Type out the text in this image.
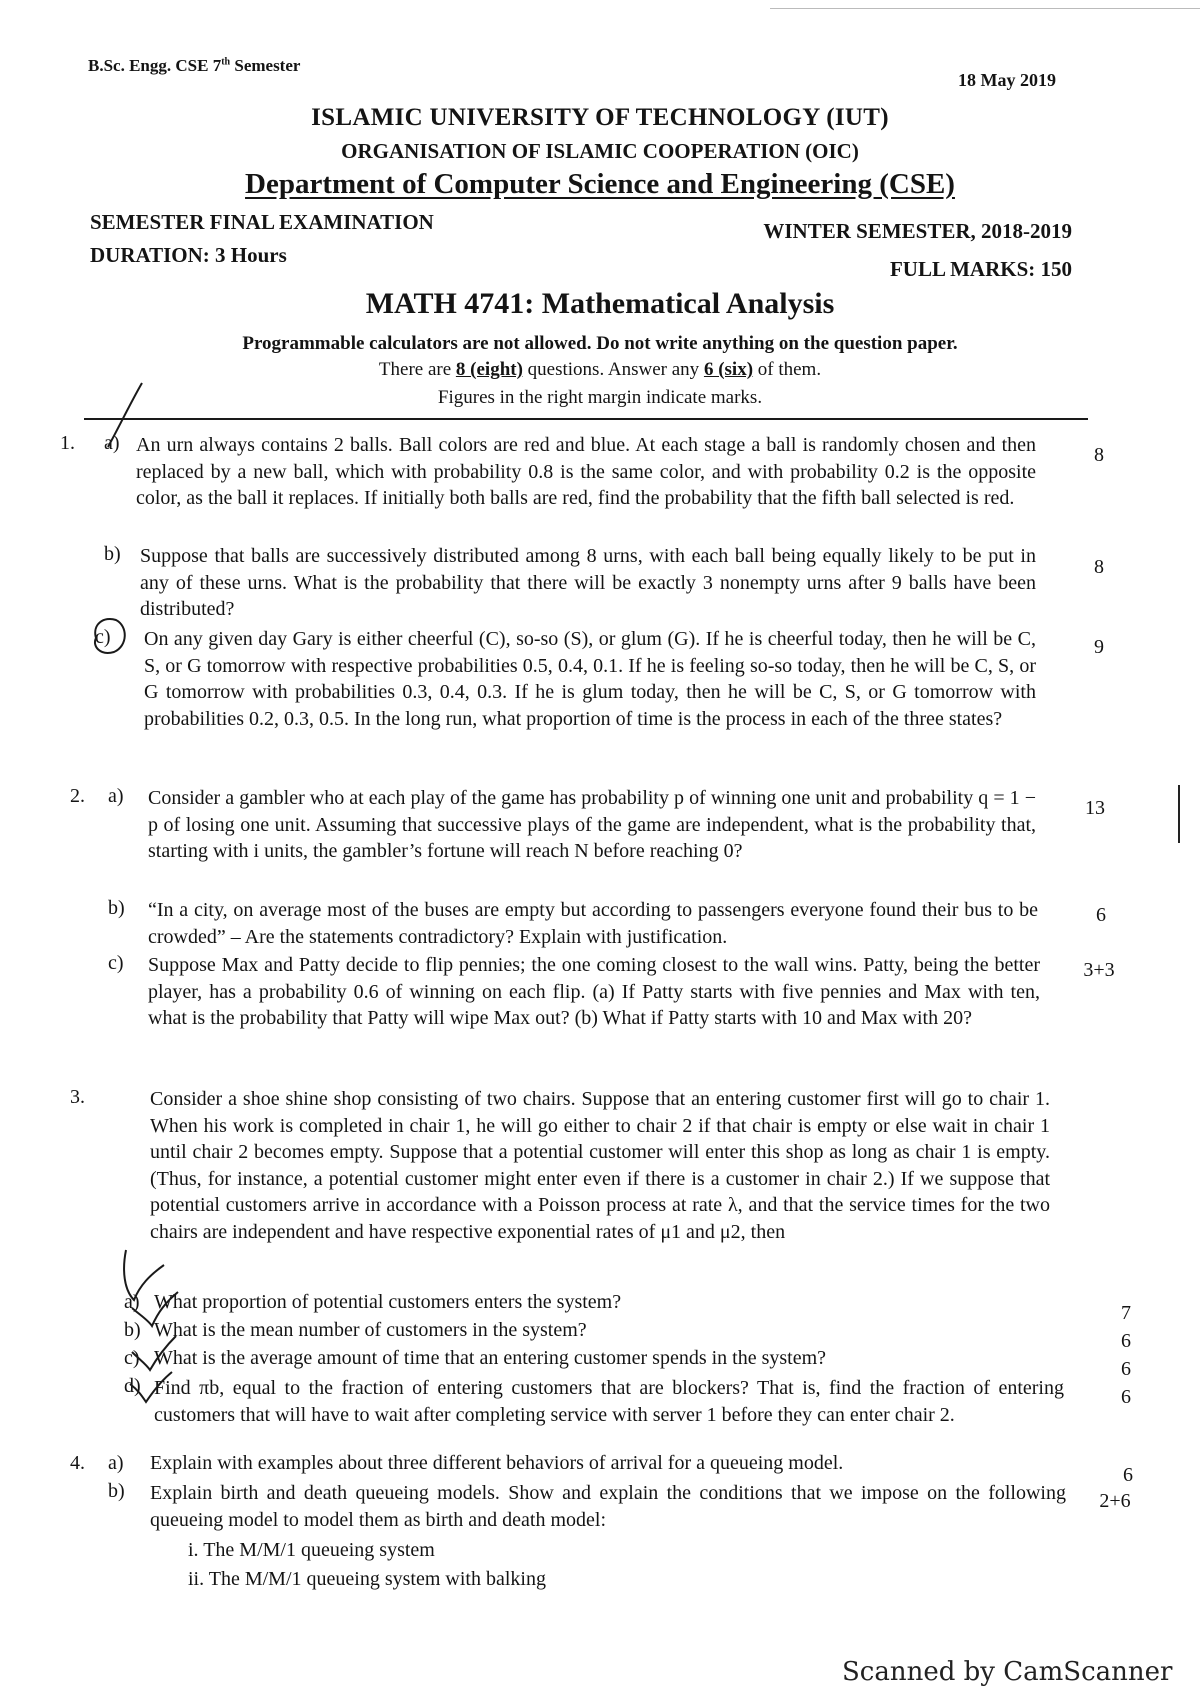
B.Sc. Engg. CSE 7th Semester
18 May 2019
ISLAMIC UNIVERSITY OF TECHNOLOGY (IUT)
ORGANISATION OF ISLAMIC COOPERATION (OIC)
Department of Computer Science and Engineering (CSE)
SEMESTER FINAL EXAMINATION
DURATION: 3 Hours
WINTER SEMESTER, 2018-2019
FULL MARKS: 150
MATH 4741: Mathematical Analysis
Programmable calculators are not allowed. Do not write anything on the question paper.
There are 8 (eight) questions. Answer any 6 (six) of them.
Figures in the right margin indicate marks.
1. a) An urn always contains 2 balls. Ball colors are red and blue. At each stage a ball is randomly chosen and then replaced by a new ball, which with probability 0.8 is the same color, and with probability 0.2 is the opposite color, as the ball it replaces. If initially both balls are red, find the probability that the fifth ball selected is red.
8
b) Suppose that balls are successively distributed among 8 urns, with each ball being equally likely to be put in any of these urns. What is the probability that there will be exactly 3 nonempty urns after 9 balls have been distributed?
8
c) On any given day Gary is either cheerful (C), so-so (S), or glum (G). If he is cheerful today, then he will be C, S, or G tomorrow with respective probabilities 0.5, 0.4, 0.1. If he is feeling so-so today, then he will be C, S, or G tomorrow with probabilities 0.3, 0.4, 0.3. If he is glum today, then he will be C, S, or G tomorrow with probabilities 0.2, 0.3, 0.5. In the long run, what proportion of time is the process in each of the three states?
9
2. a) Consider a gambler who at each play of the game has probability p of winning one unit and probability q = 1 − p of losing one unit. Assuming that successive plays of the game are independent, what is the probability that, starting with i units, the gambler’s fortune will reach N before reaching 0?
13
b) “In a city, on average most of the buses are empty but according to passengers everyone found their bus to be crowded” – Are the statements contradictory? Explain with justification.
6
c) Suppose Max and Patty decide to flip pennies; the one coming closest to the wall wins. Patty, being the better player, has a probability 0.6 of winning on each flip. (a) If Patty starts with five pennies and Max with ten, what is the probability that Patty will wipe Max out? (b) What if Patty starts with 10 and Max with 20?
3+3
3.	Consider a shoe shine shop consisting of two chairs. Suppose that an entering customer first will go to chair 1. When his work is completed in chair 1, he will go either to chair 2 if that chair is empty or else wait in chair 1 until chair 2 becomes empty. Suppose that a potential customer will enter this shop as long as chair 1 is empty. (Thus, for instance, a potential customer might enter even if there is a customer in chair 2.) If we suppose that potential customers arrive in accordance with a Poisson process at rate λ, and that the service times for the two chairs are independent and have respective exponential rates of μ1 and μ2, then
a) What proportion of potential customers enters the system?	7
b) What is the mean number of customers in the system?	6
c) What is the average amount of time that an entering customer spends in the system?	6
d) Find πb, equal to the fraction of entering customers that are blockers? That is, find the fraction of entering customers that will have to wait after completing service with server 1 before they can enter chair 2.
6
4. a) Explain with examples about three different behaviors of arrival for a queueing model.
6
b) Explain birth and death queueing models. Show and explain the conditions that we impose on the following queueing model to model them as birth and death model:
2+6
i. The M/M/1 queueing system
ii. The M/M/1 queueing system with balking
Scanned by CamScanner
